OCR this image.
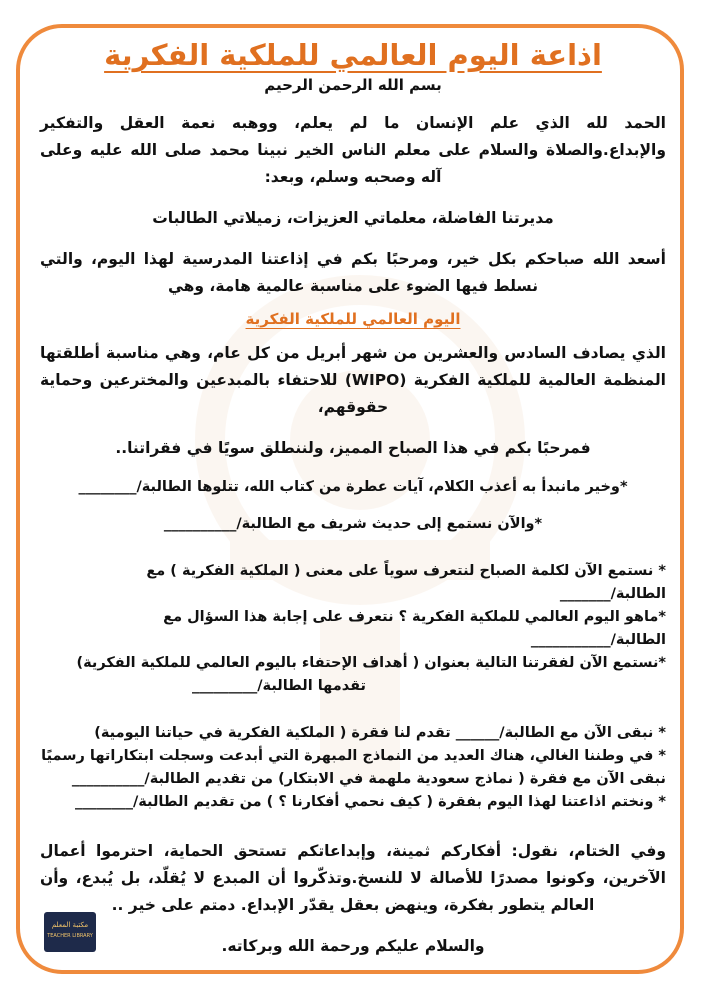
اذاعة اليوم العالمي للملكية الفكرية
بسم الله الرحمن الرحيم

الحمد لله الذي علم الإنسان ما لم يعلم، ووهبه نعمة العقل والتفكير والإبداع.والصلاة والسلام على معلم الناس الخير نبينا محمد صلى الله عليه وعلى آله وصحبه وسلم، وبعد:

مديرتنا الفاضلة، معلماتي العزيزات، زميلاتي الطالبات

أسعد الله صباحكم بكل خير، ومرحبًا بكم في إذاعتنا المدرسية لهذا اليوم، والتي نسلط فيها الضوء على مناسبة عالمية هامة، وهي

اليوم العالمي للملكية الفكرية

الذي يصادف السادس والعشرين من شهر أبريل من كل عام، وهي مناسبة أطلقتها المنظمة العالمية للملكية الفكرية (WIPO) للاحتفاء بالمبدعين والمخترعين وحماية حقوقهم،

فمرحبًا بكم في هذا الصباح المميز، ولننطلق سويًا في فقراتنا..

*وخير مانبدأ به أعذب الكلام، آيات عطرة من كتاب الله، تتلوها الطالبة/________

*والآن نستمع إلى حديث شريف مع الطالبة/__________

* نستمع الآن لكلمة الصباح لنتعرف سوياً على معنى ( الملكية الفكرية ) مع الطالبة/_______

*ماهو اليوم العالمي للملكية الفكرية ؟ نتعرف على إجابة هذا السؤال مع الطالبة/___________

*نستمع الآن لفقرتنا التالية بعنوان ( أهداف الإحتفاء باليوم العالمي للملكية الفكرية)

تقدمها الطالبة/_________

* نبقى الآن مع الطالبة/______ تقدم لنا فقرة ( الملكية الفكرية في حياتنا اليومية)

* في وطننا الغالي، هناك العديد من النماذج المبهرة التي أبدعت وسجلت ابتكاراتها رسميًا

نبقى الآن مع فقرة ( نماذج سعودية ملهمة في الابتكار) من تقديم الطالبة/__________

* ونختم اذاعتنا لهذا اليوم بفقرة ( كيف نحمي أفكارنا ؟ ) من تقديم الطالبة/________

وفي الختام، نقول: أفكاركم ثمينة، وإبداعاتكم تستحق الحماية، احترموا أعمال الآخرين، وكونوا مصدرًا للأصالة لا للنسخ.وتذكّروا أن المبدع لا يُقلّد، بل يُبدع، وأن العالم يتطور بفكرة، وينهض بعقل يقدّر الإبداع. دمتم على خير ..

والسلام عليكم ورحمة الله وبركاته.

مكتبة المعلم
TEACHER LIBRARY
